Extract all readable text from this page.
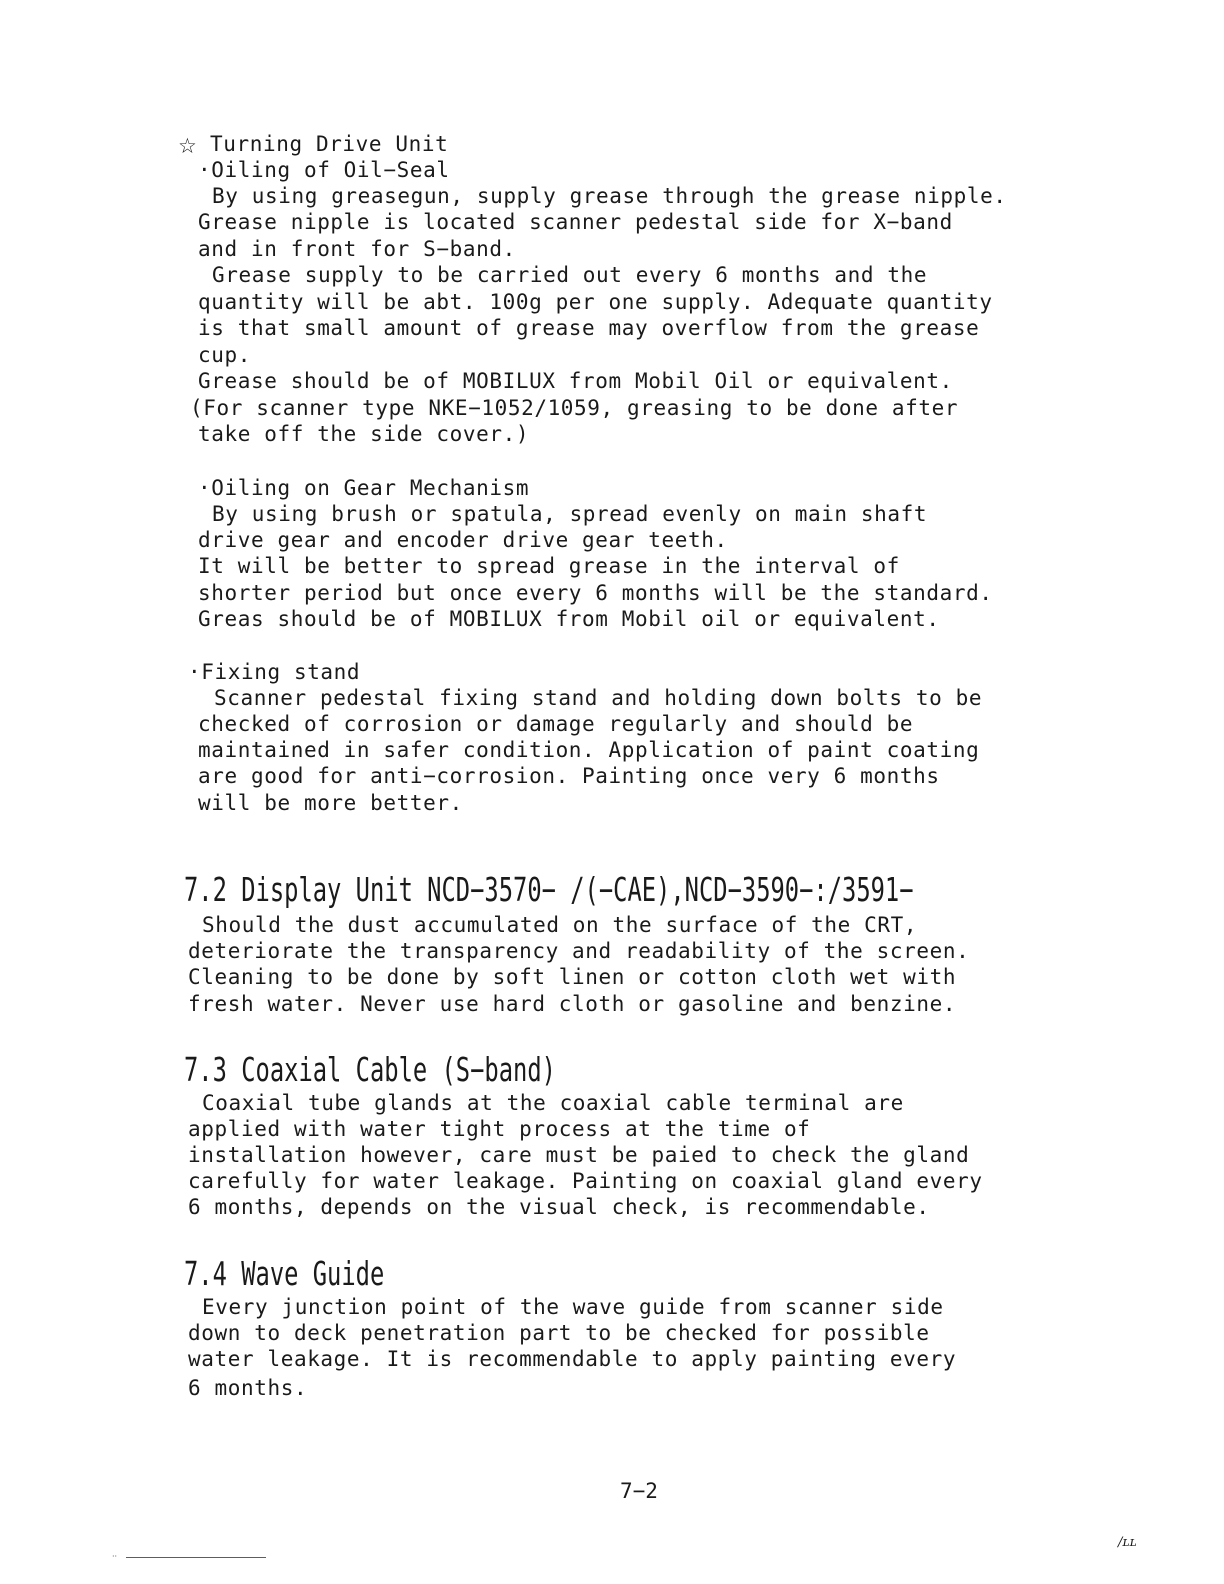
☆ Turning Drive Unit
·Oiling of Oil−Seal
By using greasegun, supply grease through the grease nipple.
Grease nipple is located scanner pedestal side for X−band
and in front for S−band.
Grease supply to be carried out every 6 months and the
quantity will be abt. 100g per one supply. Adequate quantity
is that small amount of grease may overflow from the grease
cup.
Grease should be of MOBILUX from Mobil Oil or equivalent.
(For scanner type NKE−1052/1059, greasing to be done after
take off the side cover.)
·Oiling on Gear Mechanism
By using brush or spatula, spread evenly on main shaft
drive gear and encoder drive gear teeth.
It will be better to spread grease in the interval of
shorter period but once every 6 months will be the standard.
Greas should be of MOBILUX from Mobil oil or equivalent.
·Fixing stand
Scanner pedestal fixing stand and holding down bolts to be
checked of corrosion or damage regularly and should be
maintained in safer condition. Application of paint coating
are good for anti−corrosion. Painting once very 6 months
will be more better.
7.2 Display Unit NCD−3570− /(−CAE),NCD−3590−:/3591−
Should the dust accumulated on the surface of the CRT,
deteriorate the transparency and readability of the screen.
Cleaning to be done by soft linen or cotton cloth wet with
fresh water. Never use hard cloth or gasoline and benzine.
7.3 Coaxial Cable (S−band)
Coaxial tube glands at the coaxial cable terminal are
applied with water tight process at the time of
installation however, care must be paied to check the gland
carefully for water leakage. Painting on coaxial gland every
6 months, depends on the visual check, is recommendable.
7.4 Wave Guide
Every junction point of the wave guide from scanner side
down to deck penetration part to be checked for possible
water leakage. It is recommendable to apply painting every
6 months.
7−2
/ʟʟ
··
